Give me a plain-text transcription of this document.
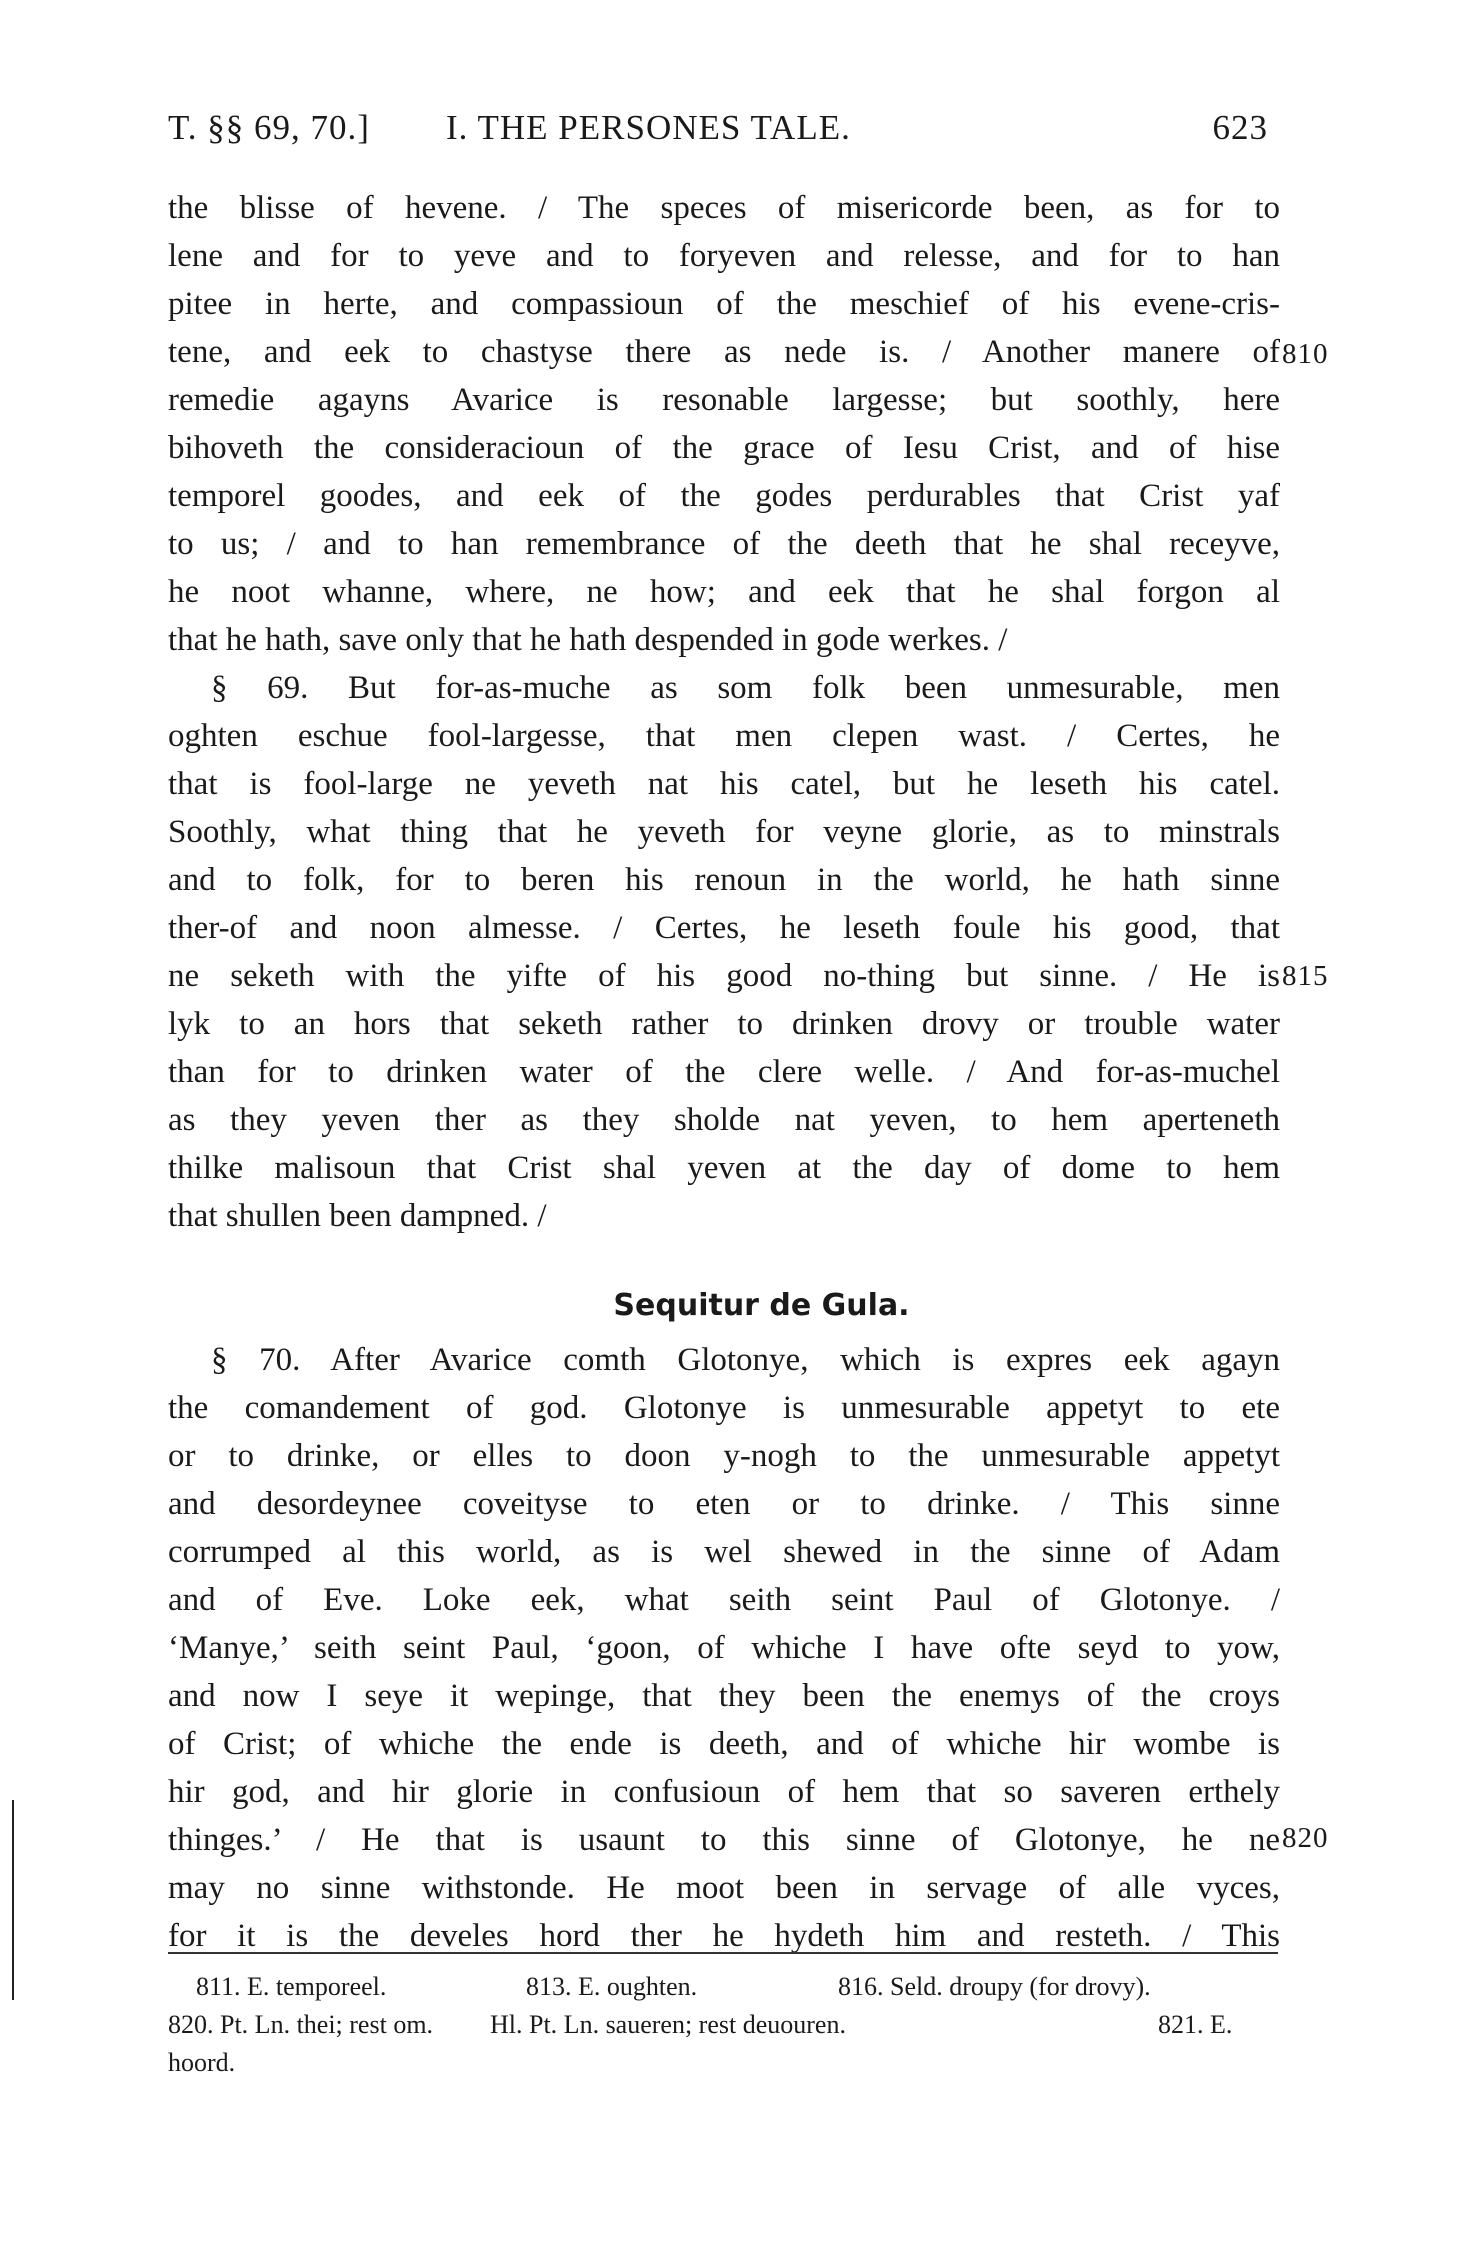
T. §§ 69, 70.] I. THE PERSONES TALE.	623
the blisse of hevene. / The speces of misericorde been, as for to
lene and for to yeve and to foryeven and relesse, and for to han
pitee in herte, and compassioun of the meschief of his evene-cris-
tene, and eek to chastyse there as nede is. / Another manere of
remedie agayns Avarice is resonable largesse; but soothly, here
bihoveth the consideracioun of the grace of Iesu Crist, and of hise
temporel goodes, and eek of the godes perdurables that Crist yaf
to us; / and to han remembrance of the deeth that he shal receyve,
he noot whanne, where, ne how; and eek that he shal forgon al
that he hath, save only that he hath despended in gode werkes. /
§ 69. But for-as-muche as som folk been unmesurable, men
oghten eschue fool-largesse, that men clepen wast. / Certes, he
that is fool-large ne yeveth nat his catel, but he leseth his catel.
Soothly, what thing that he yeveth for veyne glorie, as to minstrals
and to folk, for to beren his renoun in the world, he hath sinne
ther-of and noon almesse. / Certes, he leseth foule his good, that
ne seketh with the yifte of his good no-thing but sinne. / He is
lyk to an hors that seketh rather to drinken drovy or trouble water
than for to drinken water of the clere welle. / And for-as-muchel
as they yeven ther as they sholde nat yeven, to hem aperteneth
thilke malisoun that Crist shal yeven at the day of dome to hem
that shullen been dampned. /
Sequitur de Gula.
§ 70. After Avarice comth Glotonye, which is expres eek agayn
the comandement of god. Glotonye is unmesurable appetyt to ete
or to drinke, or elles to doon y-nogh to the unmesurable appetyt
and desordeynee coveityse to eten or to drinke. / This sinne
corrumped al this world, as is wel shewed in the sinne of Adam
and of Eve. Loke eek, what seith seint Paul of Glotonye. /
‘Manye,’ seith seint Paul, ‘goon, of whiche I have ofte seyd to yow,
and now I seye it wepinge, that they been the enemys of the croys
of Crist; of whiche the ende is deeth, and of whiche hir wombe is
hir god, and hir glorie in confusioun of hem that so saveren erthely
thinges.’ / He that is usaunt to this sinne of Glotonye, he ne
may no sinne withstonde. He moot been in servage of alle vyces,
for it is the develes hord ther he hydeth him and resteth. / This
810
815
820
811. E. temporeel.	813. E. oughten.	816. Seld. droupy (for drovy).
820. Pt. Ln. thei; rest om. Hl. Pt. Ln. saueren; rest deuouren.	821. E.
hoord.
